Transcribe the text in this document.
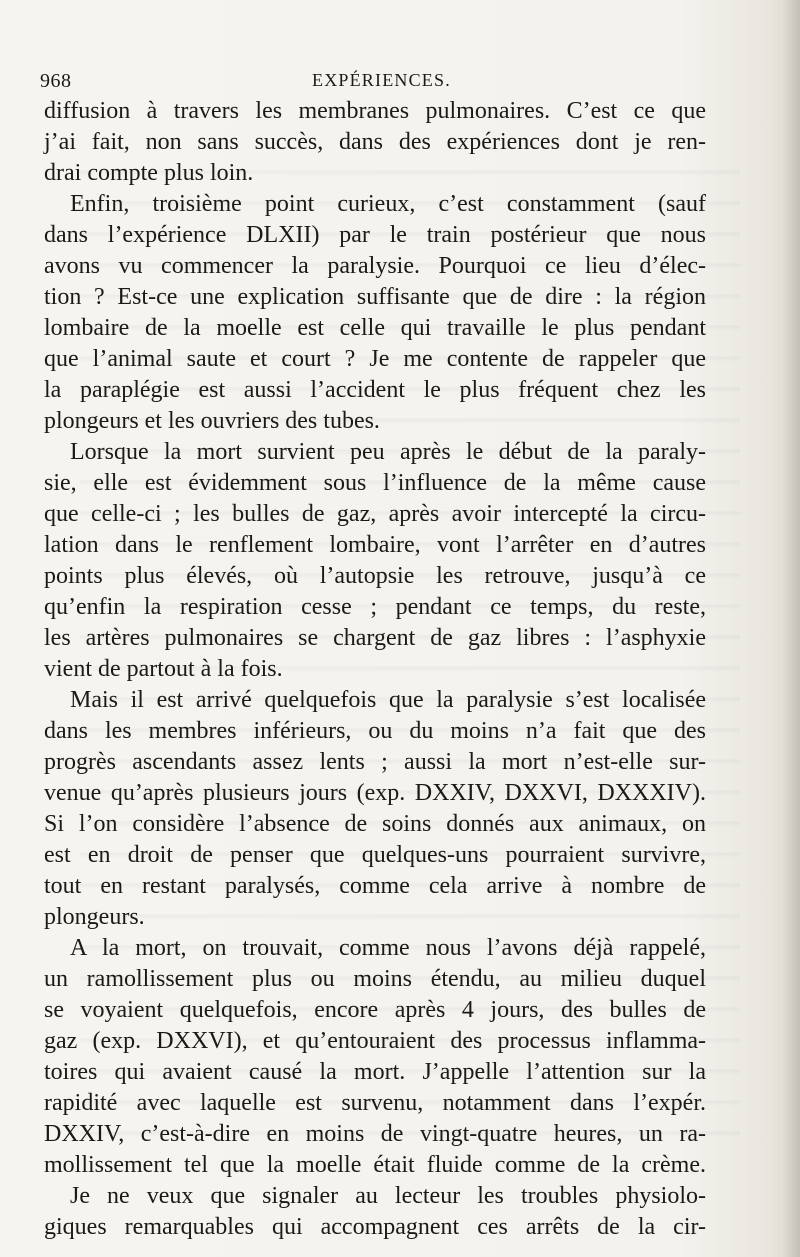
968	EXPÉRIENCES.
diffusion à travers les membranes pulmonaires. C’est ce que
j’ai fait, non sans succès, dans des expériences dont je ren-
drai compte plus loin.
Enfin, troisième point curieux, c’est constamment (sauf
dans l’expérience DLXII) par le train postérieur que nous
avons vu commencer la paralysie. Pourquoi ce lieu d’élec-
tion ? Est-ce une explication suffisante que de dire : la région
lombaire de la moelle est celle qui travaille le plus pendant
que l’animal saute et court ? Je me contente de rappeler que
la paraplégie est aussi l’accident le plus fréquent chez les
plongeurs et les ouvriers des tubes.
Lorsque la mort survient peu après le début de la paraly-
sie, elle est évidemment sous l’influence de la même cause
que celle-ci ; les bulles de gaz, après avoir intercepté la circu-
lation dans le renflement lombaire, vont l’arrêter en d’autres
points plus élevés, où l’autopsie les retrouve, jusqu’à ce
qu’enfin la respiration cesse ; pendant ce temps, du reste,
les artères pulmonaires se chargent de gaz libres : l’asphyxie
vient de partout à la fois.
Mais il est arrivé quelquefois que la paralysie s’est localisée
dans les membres inférieurs, ou du moins n’a fait que des
progrès ascendants assez lents ; aussi la mort n’est-elle sur-
venue qu’après plusieurs jours (exp. DXXIV, DXXVI, DXXXIV).
Si l’on considère l’absence de soins donnés aux animaux, on
est en droit de penser que quelques-uns pourraient survivre,
tout en restant paralysés, comme cela arrive à nombre de
plongeurs.
A la mort, on trouvait, comme nous l’avons déjà rappelé,
un ramollissement plus ou moins étendu, au milieu duquel
se voyaient quelquefois, encore après 4 jours, des bulles de
gaz (exp. DXXVI), et qu’entouraient des processus inflamma-
toires qui avaient causé la mort. J’appelle l’attention sur la
rapidité avec laquelle est survenu, notamment dans l’expér.
DXXIV, c’est-à-dire en moins de vingt-quatre heures, un ra-
mollissement tel que la moelle était fluide comme de la crème.
Je ne veux que signaler au lecteur les troubles physiolo-
giques remarquables qui accompagnent ces arrêts de la cir-
